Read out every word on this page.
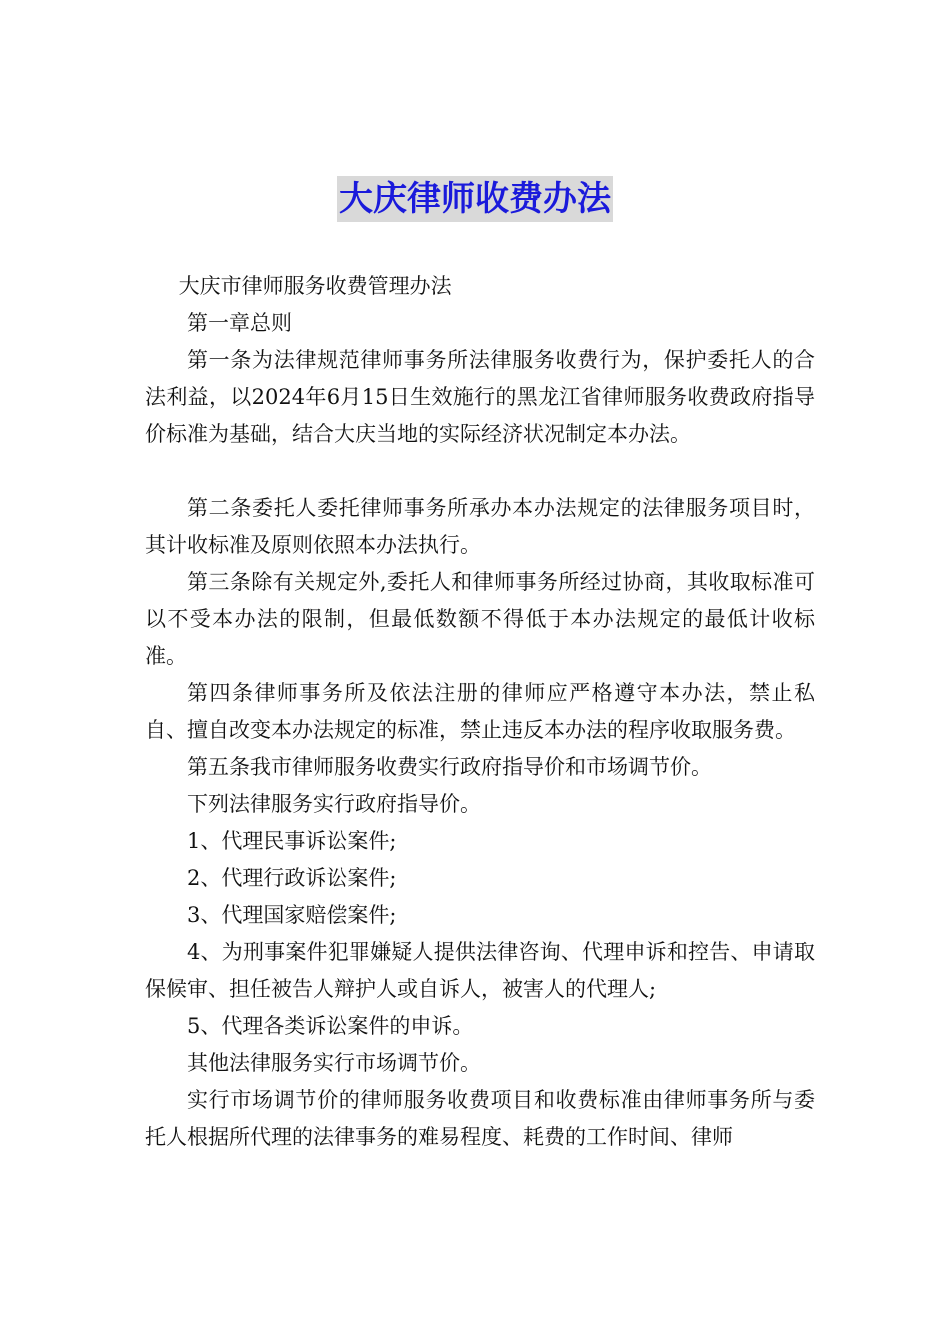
大庆律师收费办法

大庆市律师服务收费管理办法

第一章总则

第一条为法律规范律师事务所法律服务收费行为，保护委托人的合法利益，以2024年6月15日生效施行的黑龙江省律师服务收费政府指导价标准为基础，结合大庆当地的实际经济状况制定本办法。

第二条委托人委托律师事务所承办本办法规定的法律服务项目时，其计收标准及原则依照本办法执行。

第三条除有关规定外,委托人和律师事务所经过协商，其收取标准可以不受本办法的限制，但最低数额不得低于本办法规定的最低计收标准。

第四条律师事务所及依法注册的律师应严格遵守本办法，禁止私自、擅自改变本办法规定的标准，禁止违反本办法的程序收取服务费。

第五条我市律师服务收费实行政府指导价和市场调节价。

下列法律服务实行政府指导价。

1、代理民事诉讼案件;

2、代理行政诉讼案件;

3、代理国家赔偿案件;

4、为刑事案件犯罪嫌疑人提供法律咨询、代理申诉和控告、申请取保候审、担任被告人辩护人或自诉人，被害人的代理人;

5、代理各类诉讼案件的申诉。

其他法律服务实行市场调节价。

实行市场调节价的律师服务收费项目和收费标准由律师事务所与委托人根据所代理的法律事务的难易程度、耗费的工作时间、律师
